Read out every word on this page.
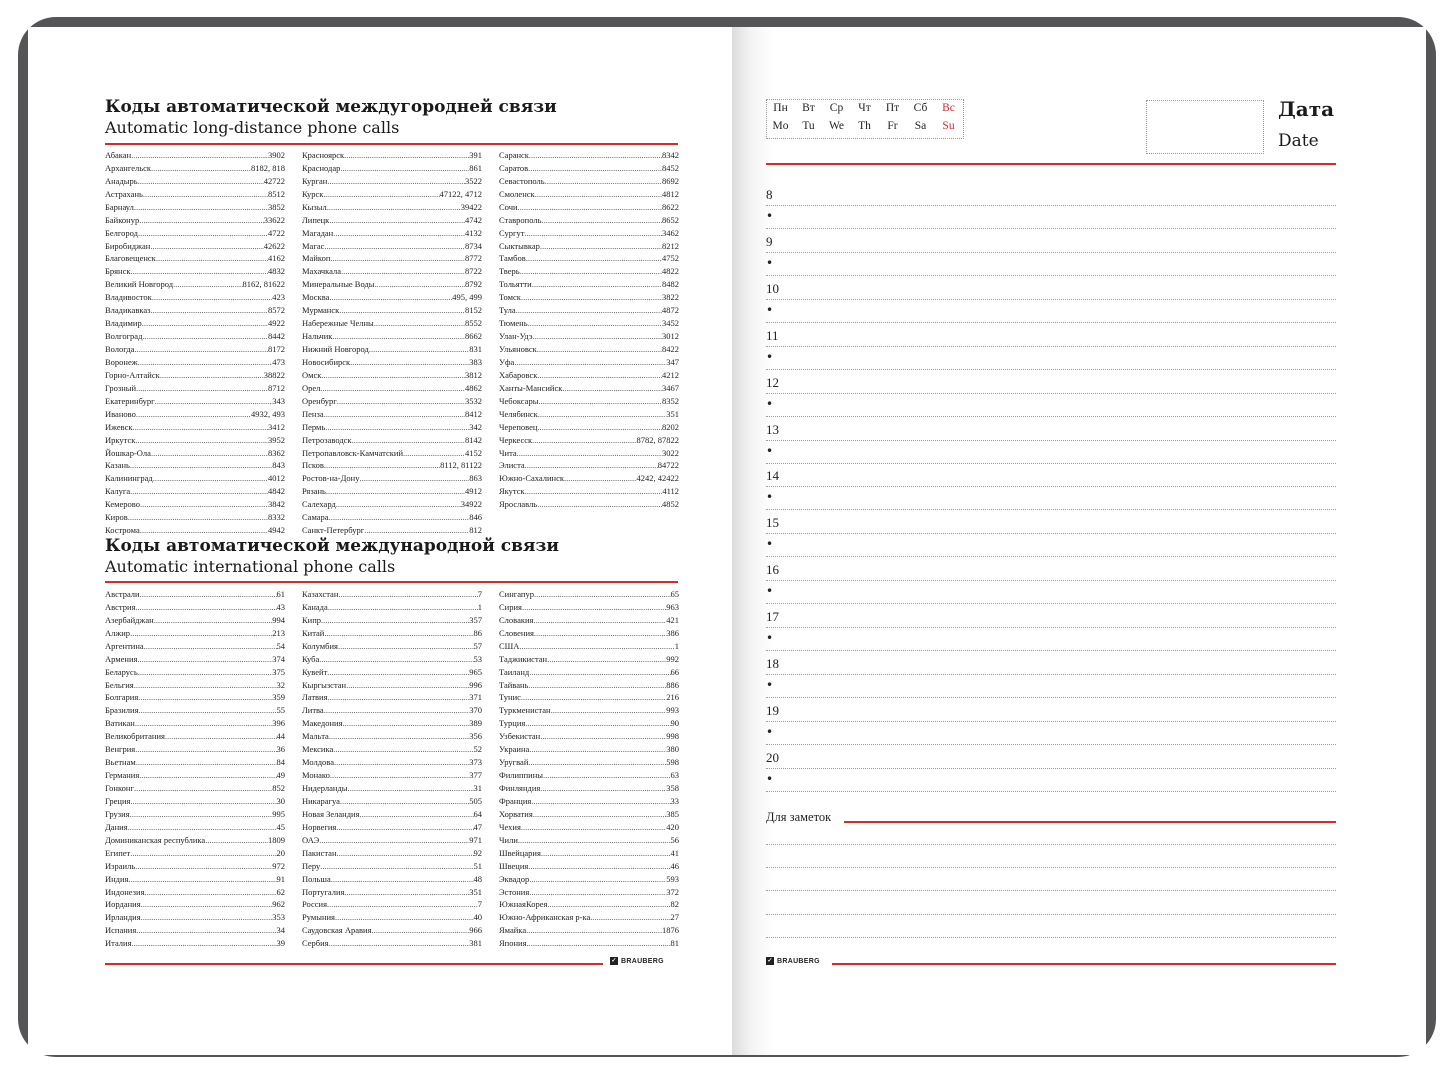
Коды автоматической междугородней связи

Automatic long-distance phone calls

Абакан .....	3902
Архангельск .....	8182, 818
Анадырь .....	42722
Астрахань .....	8512
Барнаул .....	3852
Байконур .....	33622
Белгород .....	4722
Биробиджан .....	42622
Благовещенск .....	4162
Брянск .....	4832
Великий Новгород .....	8162, 81622
Владивосток .....	423
Владикавказ .....	8572
Владимир .....	4922
Волгоград .....	8442
Вологда .....	8172
Воронеж .....	473
Горно-Алтайск .....	38822
Грозный .....	8712
Екатеринбург .....	343
Иваново .....	4932, 493
Ижевск .....	3412
Иркутск .....	3952
Йошкар-Ола .....	8362
Казань .....	843
Калининград .....	4012
Калуга .....	4842
Кемерово .....	3842
Киров .....	8332
Кострома .....	4942
Красноярск .....	391
Краснодар .....	861
Курган .....	3522
Курск .....	47122, 4712
Кызыл .....	39422
Липецк .....	4742
Магадан .....	4132
Магас .....	8734
Майкоп .....	8772
Махачкала .....	8722
Минеральные Воды .....	8792
Москва .....	495, 499
Мурманск .....	8152
Набережные Челны .....	8552
Нальчик .....	8662
Нижний Новгород .....	831
Новосибирск .....	383
Омск .....	3812
Орел .....	4862
Оренбург .....	3532
Пенза .....	8412
Пермь .....	342
Петрозаводск .....	8142
Петропавловск-Камчатский .....	4152
Псков .....	8112, 81122
Ростов-на-Дону .....	863
Рязань .....	4912
Салехард .....	34922
Самара .....	846
Санкт-Петербург .....	812
Саранск .....	8342
Саратов .....	8452
Севастополь .....	8692
Смоленск .....	4812
Сочи .....	8622
Ставрополь .....	8652
Сургут .....	3462
Сыктывкар .....	8212
Тамбов .....	4752
Тверь .....	4822
Тольятти .....	8482
Томск .....	3822
Тула .....	4872
Тюмень .....	3452
Улан-Удэ .....	3012
Ульяновск .....	8422
Уфа .....	347
Хабаровск .....	4212
Ханты-Мансийск .....	3467
Чебоксары .....	8352
Челябинск .....	351
Череповец .....	8202
Черкесск .....	8782, 87822
Чита .....	3022
Элиста .....	84722
Южно-Сахалинск .....	4242, 42422
Якутск .....	4112
Ярославль .....	4852
Коды автоматической международной связи

Automatic international phone calls

Австрали .....	61
Австрия .....	43
Азербайджан .....	994
Алжир .....	213
Аргентина .....	54
Армения .....	374
Беларусь .....	375
Бельгия .....	32
Болгария .....	359
Бразилия .....	55
Ватикан .....	396
Великобритания .....	44
Венгрия .....	36
Вьетнам .....	84
Германия .....	49
Гонконг .....	852
Греция .....	30
Грузия .....	995
Дания .....	45
Доминиканская республика .....	1809
Египет .....	20
Израиль .....	972
Индия .....	91
Индонезия .....	62
Иордания .....	962
Ирландия .....	353
Испания .....	34
Италия .....	39
Казахстан .....	7
Канада .....	1
Кипр .....	357
Китай .....	86
Колумбия .....	57
Куба .....	53
Кувейт .....	965
Кыргызстан .....	996
Латвия .....	371
Литва .....	370
Македония .....	389
Мальта .....	356
Мексика .....	52
Молдова .....	373
Монако .....	377
Нидерланды .....	31
Никарагуа .....	505
Новая Зеландия .....	64
Норвегия .....	47
ОАЭ .....	971
Пакистан .....	92
Перу .....	51
Польша .....	48
Португалия .....	351
Россия .....	7
Румыния .....	40
Саудовская Аравия .....	966
Сербия .....	381
Сингапур .....	65
Сирия .....	963
Словакия .....	421
Словения .....	386
США .....	1
Таджикистан .....	992
Таиланд .....	66
Тайвань .....	886
Тунис .....	216
Туркменистан .....	993
Турция .....	90
Узбекистан .....	998
Украина .....	380
Уругвай .....	598
Филиппины .....	63
Финляндия .....	358
Франция .....	33
Хорватия .....	385
Чехия .....	420
Чили .....	56
Швейцария .....	41
Швеция .....	46
Эквадор .....	593
Эстония .....	372
ЮжнаяКорея .....	82
Южно-Африканская р-ка .....	27
Ямайка .....	1876
Япония .....	81
✓ BRAUBERG
Пн	Вт	Ср	Чт	Пт	Сб	Вс
Mo	Tu	We	Th	Fr	Sa	Su
Дата
Date
8
•
9
•
10
•
11
•
12
•
13
•
14
•
15
•
16
•
17
•
18
•
19
•
20
•
Для заметок
✓ BRAUBERG
